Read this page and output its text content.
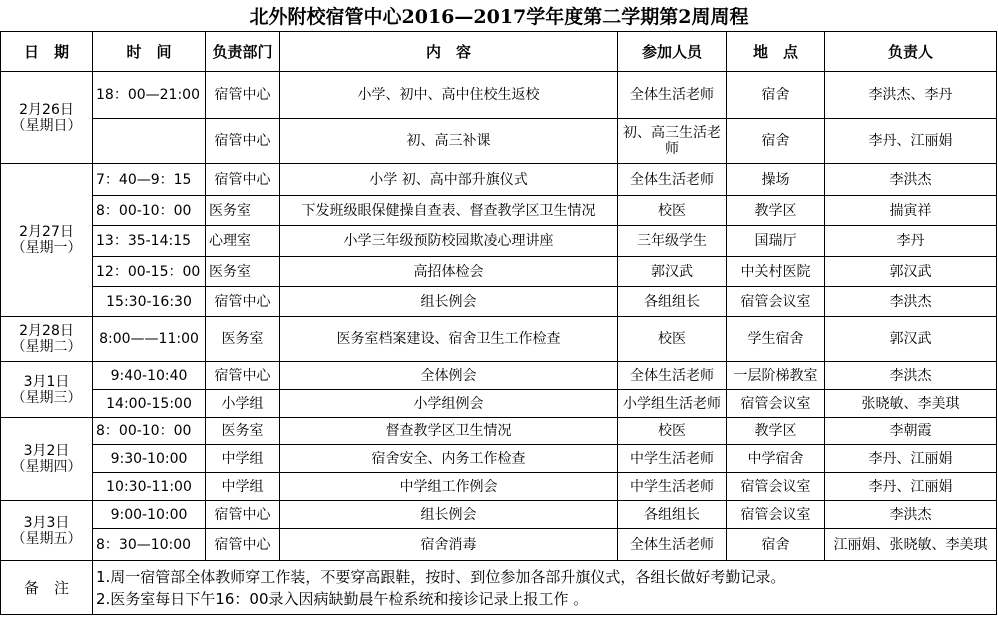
北外附校宿管中心2016—2017学年度第二学期第2周周程
日　期	时　间	负责部门	内　容	参加人员	地　点	负责人

2月26日
（星期日）	18：00—21:00	宿管中心	小学、初中、高中住校生返校	全体生活老师	宿舍	李洪杰、李丹
		宿管中心	初、高三补课	初、高三生活老师	宿舍	李丹、江丽娟

2月27日
（星期一）	7：40—9：15	宿管中心	小学 初、高中部升旗仪式	全体生活老师	操场	李洪杰
	8：00-10：00	医务室	下发班级眼保健操自查表、督查教学区卫生情况	校医	教学区	揣寅祥
	13：35-14:15	心理室	小学三年级预防校园欺凌心理讲座	三年级学生	国瑞厅	李丹
	12：00-15：00	医务室	高招体检会	郭汉武	中关村医院	郭汉武
	15:30-16:30	宿管中心	组长例会	各组组长	宿管会议室	李洪杰

2月28日
（星期二）	8:00——11:00	医务室	医务室档案建设、宿舍卫生工作检查	校医	学生宿舍	郭汉武

3月1日
（星期三）	9:40-10:40	宿管中心	全体例会	全体生活老师	一层阶梯教室	李洪杰
	14:00-15:00	小学组	小学组例会	小学组生活老师	宿管会议室	张晓敏、李美琪

3月2日
（星期四）	8：00-10：00	医务室	督查教学区卫生情况	校医	教学区	李朝霞
	9:30-10:00	中学组	宿舍安全、内务工作检查	中学生活老师	中学宿舍	李丹、江丽娟
	10:30-11:00	中学组	中学组工作例会	中学生活老师	宿管会议室	李丹、江丽娟

3月3日
（星期五）	9:00-10:00	宿管中心	组长例会	各组组长	宿管会议室	李洪杰
	8：30—10:00	宿管中心	宿舍消毒	全体生活老师	宿舍	江丽娟、张晓敏、李美琪
备　注	1.周一宿管部全体教师穿工作装，不要穿高跟鞋，按时、到位参加各部升旗仪式，各组长做好考勤记录。
2.医务室每日下午16：00录入因病缺勤晨午检系统和接诊记录上报工作 。					
